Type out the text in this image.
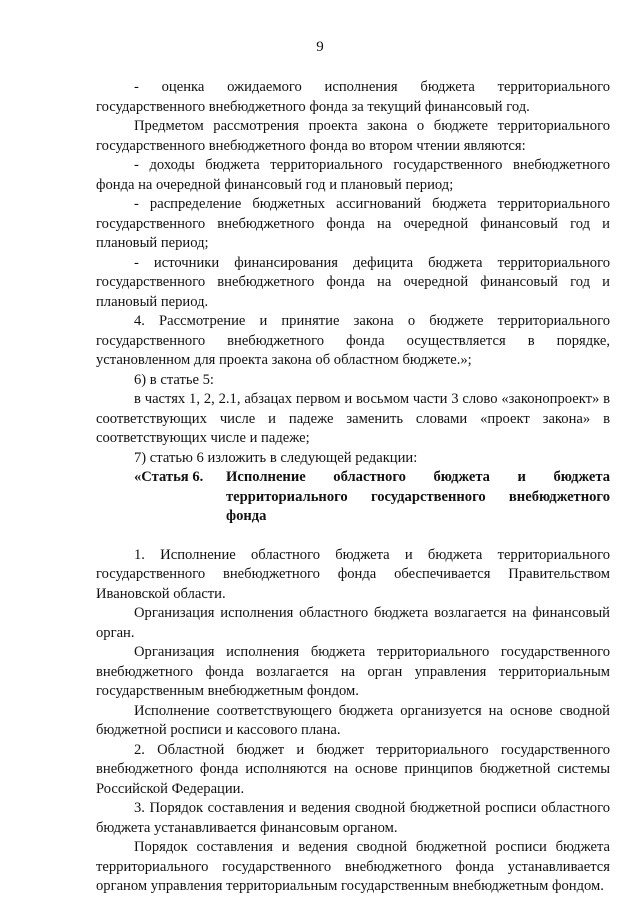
9

- оценка ожидаемого исполнения бюджета территориального государственного внебюджетного фонда за текущий финансовый год.

Предметом рассмотрения проекта закона о бюджете территориального государственного внебюджетного фонда во втором чтении являются:

- доходы бюджета территориального государственного внебюджетного фонда на очередной финансовый год и плановый период;

- распределение бюджетных ассигнований бюджета территориального государственного внебюджетного фонда на очередной финансовый год и плановый период;

- источники финансирования дефицита бюджета территориального государственного внебюджетного фонда на очередной финансовый год и плановый период.

4. Рассмотрение и принятие закона о бюджете территориального государственного внебюджетного фонда осуществляется в порядке, установленном для проекта закона об областном бюджете.»;

6) в статье 5:

в частях 1, 2, 2.1, абзацах первом и восьмом части 3 слово «законопроект» в соответствующих числе и падеже заменить словами «проект закона» в соответствующих числе и падеже;

7) статью 6 изложить в следующей редакции:

«Статья 6.	Исполнение областного бюджета и бюджета территориального государственного внебюджетного фонда

1. Исполнение областного бюджета и бюджета территориального государственного внебюджетного фонда обеспечивается Правительством Ивановской области.

Организация исполнения областного бюджета возлагается на финансовый орган.

Организация исполнения бюджета территориального государственного внебюджетного фонда возлагается на орган управления территориальным государственным внебюджетным фондом.

Исполнение соответствующего бюджета организуется на основе сводной бюджетной росписи и кассового плана.

2. Областной бюджет и бюджет территориального государственного внебюджетного фонда исполняются на основе принципов бюджетной системы Российской Федерации.

3. Порядок составления и ведения сводной бюджетной росписи областного бюджета устанавливается финансовым органом.

Порядок составления и ведения сводной бюджетной росписи бюджета территориального государственного внебюджетного фонда устанавливается органом управления территориальным государственным внебюджетным фондом.
